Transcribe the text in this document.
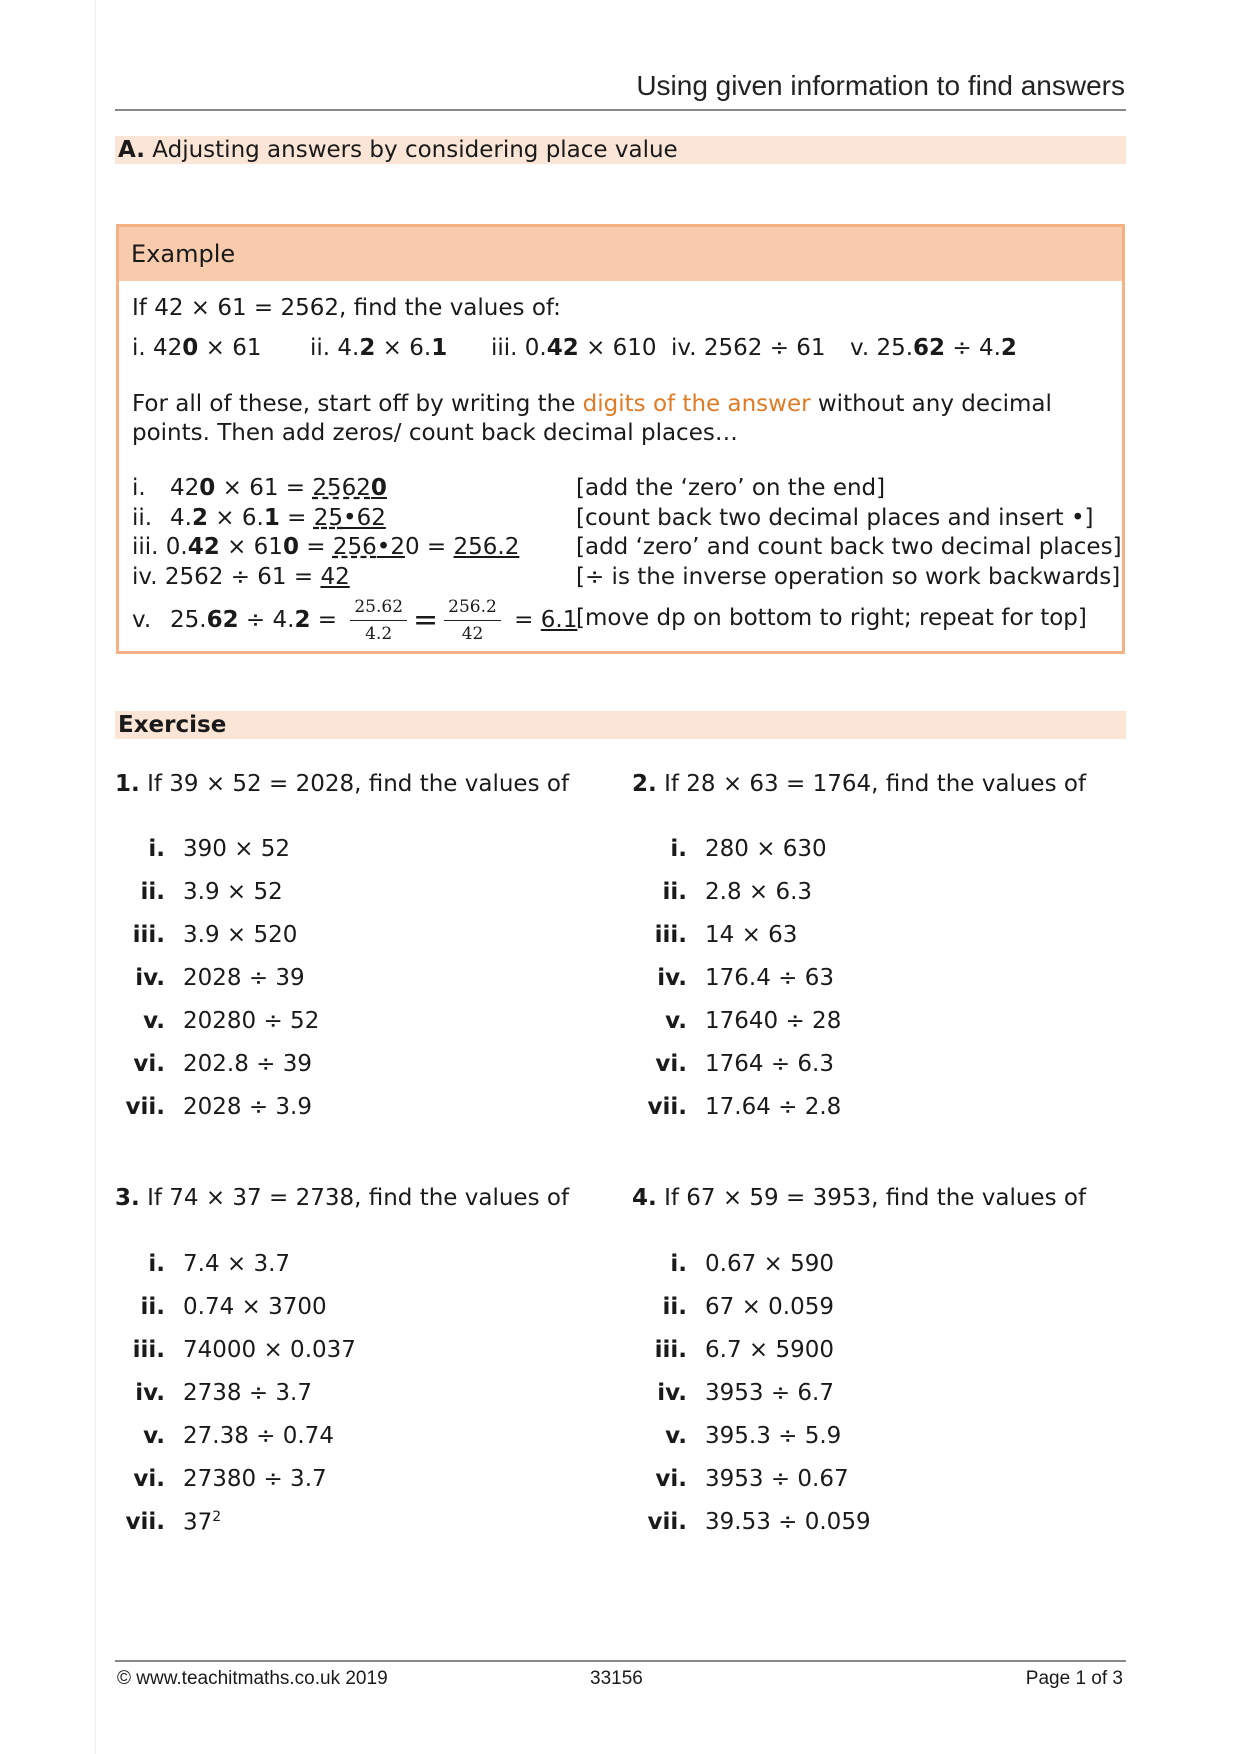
Using given information to find answers
A. Adjusting answers by considering place value
Example
If 42 × 61 = 2562, find the values of:
i. 420 × 61 ii. 4.2 × 6.1 iii. 0.42 × 610 iv. 2562 ÷ 61 v. 25.62 ÷ 4.2
For all of these, start off by writing the digits of the answer without any decimal
points. Then add zeros/ count back decimal places…
i. 420 × 61 = 25620	[add the ‘zero’ on the end]
ii. 4.2 × 6.1 = 25•62	[count back two decimal places and insert •]
iii. 0.42 × 610 = 256•20 = 256.2 [add ‘zero’ and count back two decimal places]
iv. 2562 ÷ 61 = 42	[÷ is the inverse operation so work backwards]
v. $25.62 \div 4.2 = \frac{25.62}{4.2} = \frac{256.2}{42} = 6.1$
[move dp on bottom to right; repeat for top]
Exercise
1. If 39 × 52 = 2028, find the values of	2. If 28 × 63 = 1764, find the values of
3. If 74 × 37 = 2738, find the values of	4. If 67 × 59 = 3953, find the values of
i. 390 × 52
ii. 3.9 × 52
iii. 3.9 × 520
iv. 2028 ÷ 39
v. 20280 ÷ 52
vi. 202.8 ÷ 39
vii. 2028 ÷ 3.9
i. 280 × 630
ii. 2.8 × 6.3
iii. 14 × 63
iv. 176.4 ÷ 63
v. 17640 ÷ 28
vi. 1764 ÷ 6.3
vii. 17.64 ÷ 2.8
i. 7.4 × 3.7
ii. 0.74 × 3700
iii. 74000 × 0.037
iv. 2738 ÷ 3.7
v. 27.38 ÷ 0.74
vi. 27380 ÷ 3.7
vii. $37^2$
i. 0.67 × 590
ii. 67 × 0.059
iii. 6.7 × 5900
iv. 3953 ÷ 6.7
v. 395.3 ÷ 5.9
vi. 3953 ÷ 0.67
vii. 39.53 ÷ 0.059
© www.teachitmaths.co.uk 2019	33156	Page 1 of 3
